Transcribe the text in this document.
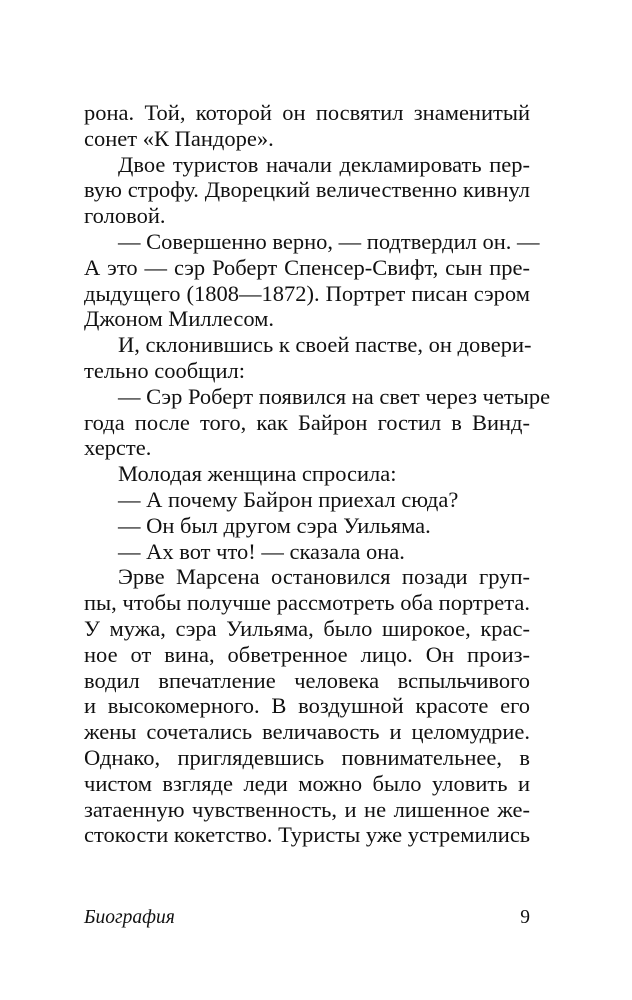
рона. Той, которой он посвятил знаменитый
сонет «К Пандоре».
Двое туристов начали декламировать пер-
вую строфу. Дворецкий величественно кивнул
головой.
— Совершенно верно, — подтвердил он. —
А это — сэр Роберт Спенсер-Свифт, сын пре-
дыдущего (1808—1872). Портрет писан сэром
Джоном Миллесом.
И, склонившись к своей пастве, он довери-
тельно сообщил:
— Сэр Роберт появился на свет через четыре
года после того, как Байрон гостил в Винд-
херсте.
Молодая женщина спросила:
— А почему Байрон приехал сюда?
— Он был другом сэра Уильяма.
— Ах вот что! — сказала она.
Эрве Марсена остановился позади груп-
пы, чтобы получше рассмотреть оба портрета.
У мужа, сэра Уильяма, было широкое, крас-
ное от вина, обветренное лицо. Он произ-
водил впечатление человека вспыльчивого
и высокомерного. В воздушной красоте его
жены сочетались величавость и целомудрие.
Однако, приглядевшись повнимательнее, в
чистом взгляде леди можно было уловить и
затаенную чувственность, и не лишенное же-
стокости кокетство. Туристы уже устремились
Биография	9
